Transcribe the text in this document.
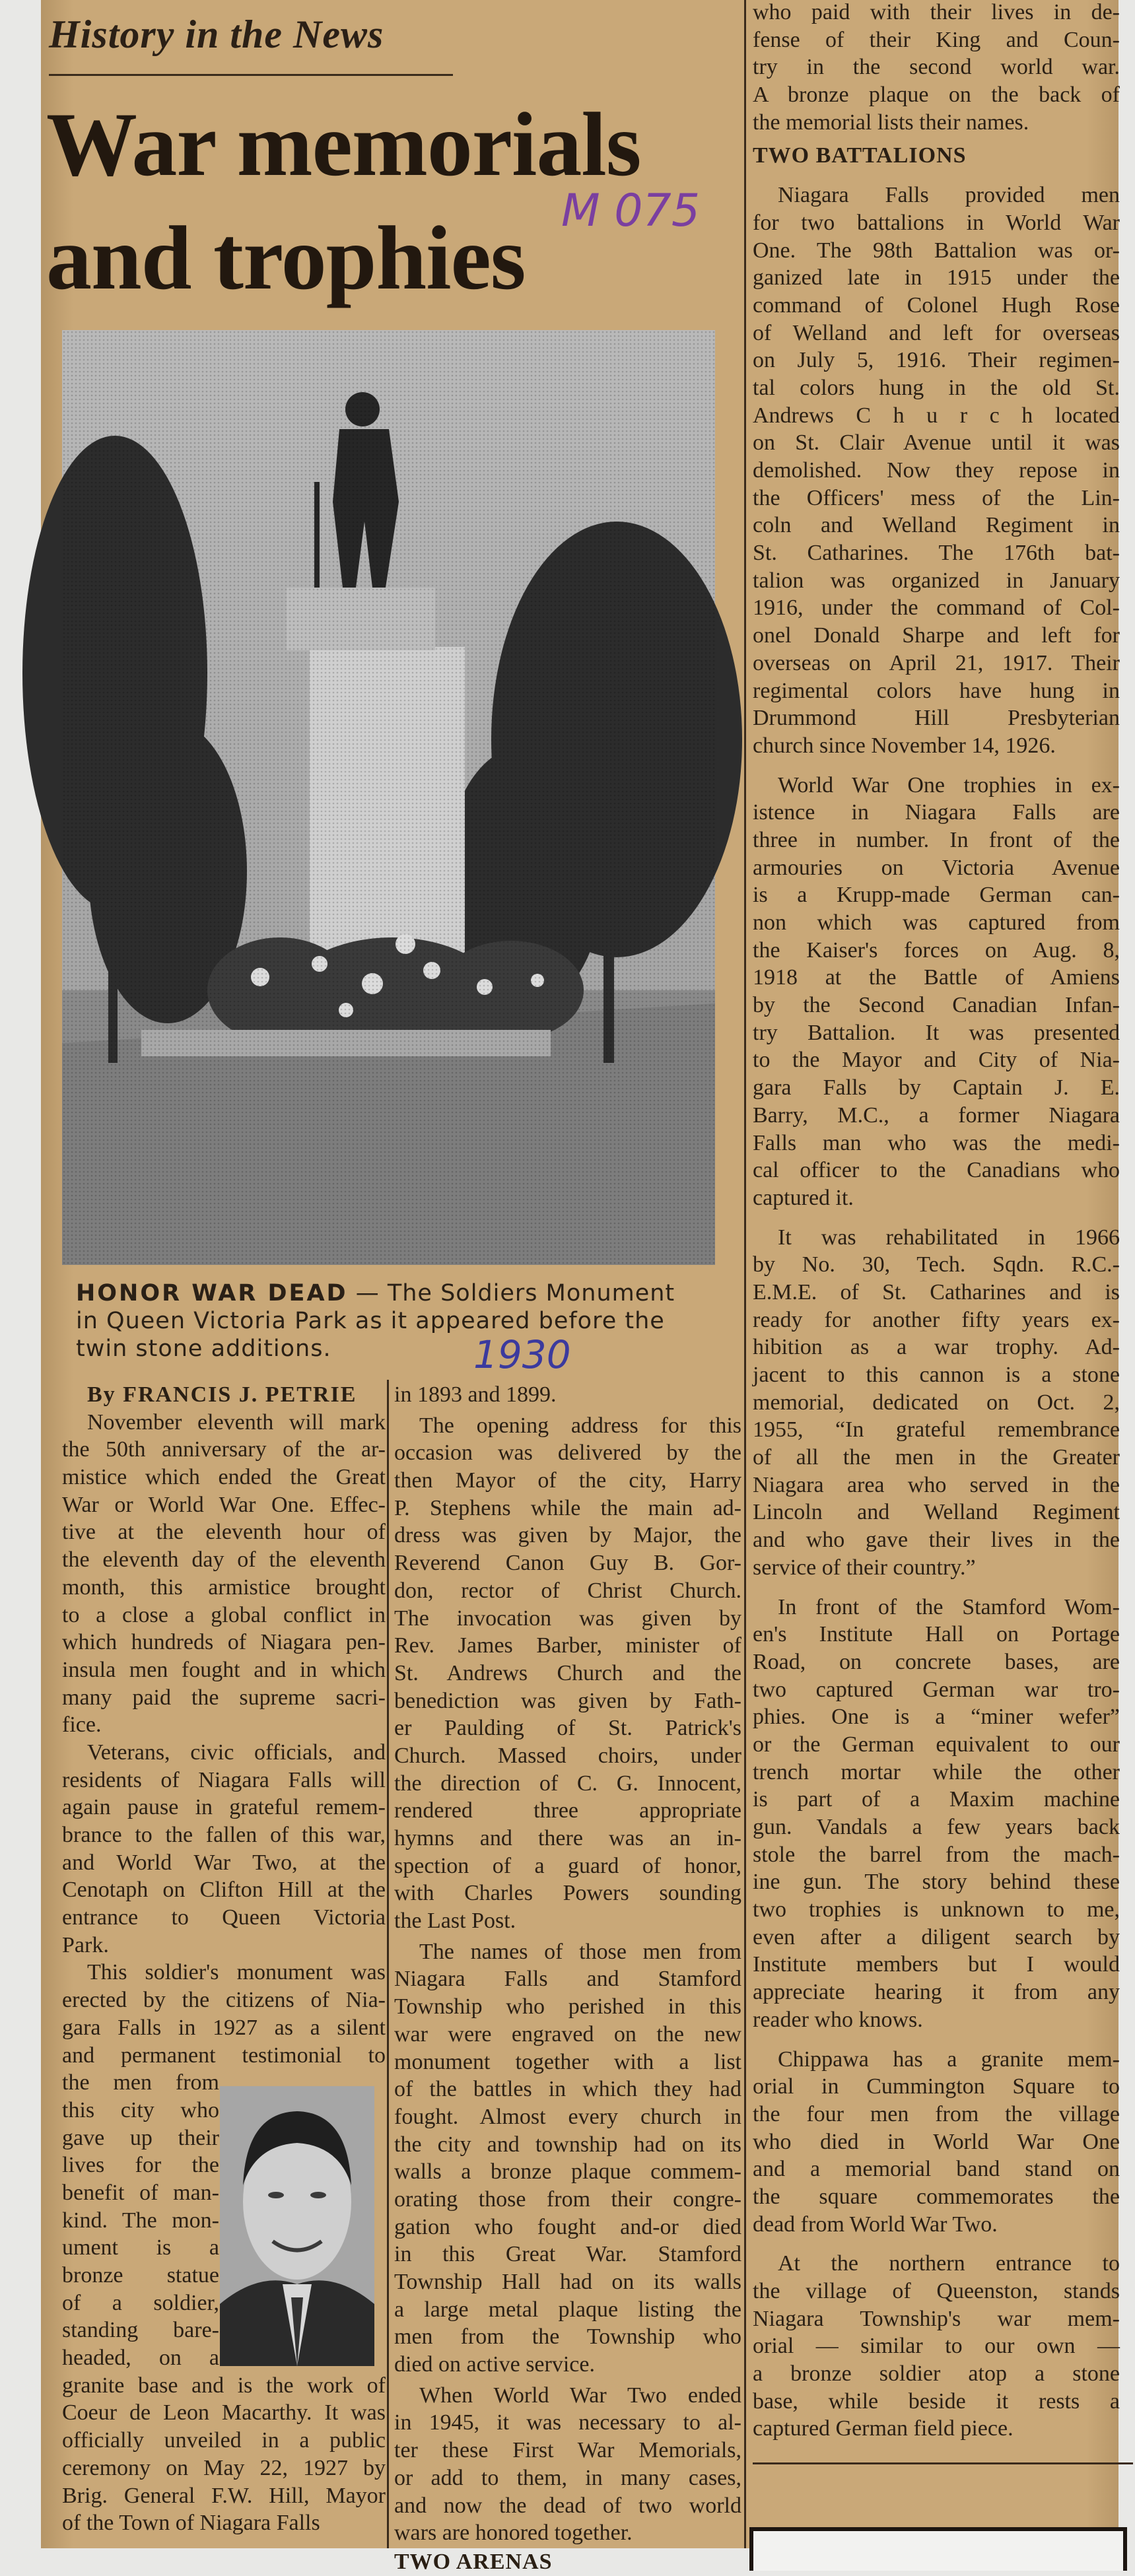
History in the News
War memorials
and trophies M 075
HONOR WAR DEAD — The Soldiers Monument
in Queen Victoria Park as it appeared before the
twin stone additions.	1930
By FRANCIS J. PETRIE
November eleventh will mark
the 50th anniversary of the ar-
mistice which ended the Great
War or World War One. Effec-
tive at the eleventh hour of
the eleventh day of the eleventh
month, this armistice brought
to a close a global conflict in
which hundreds of Niagara pen-
insula men fought and in which
many paid the supreme sacri-
fice.
Veterans, civic officials, and
residents of Niagara Falls will
again pause in grateful remem-
brance to the fallen of this war,
and World War Two, at the
Cenotaph on Clifton Hill at the
entrance to Queen Victoria
Park.
This soldier's monument was
erected by the citizens of Nia-
gara Falls in 1927 as a silent
and permanent testimonial to
the men from
this city who
gave up their
lives for the
benefit of man-
kind. The mon-
ument is a
bronze statue
of a soldier,
standing bare-
headed, on a
granite base and is the work of
Coeur de Leon Macarthy. It was
officially unveiled in a public
ceremony on May 22, 1927 by
Brig. General F.W. Hill, Mayor
of the Town of Niagara Falls
in 1893 and 1899.
The opening address for this
occasion was delivered by the
then Mayor of the city, Harry
P. Stephens while the main ad-
dress was given by Major, the
Reverend Canon Guy B. Gor-
don, rector of Christ Church.
The invocation was given by
Rev. James Barber, minister of
St. Andrews Church and the
benediction was given by Fath-
er Paulding of St. Patrick's
Church. Massed choirs, under
the direction of C. G. Innocent,
rendered three appropriate
hymns and there was an in-
spection of a guard of honor,
with Charles Powers sounding
the Last Post.
The names of those men from
Niagara Falls and Stamford
Township who perished in this
war were engraved on the new
monument together with a list
of the battles in which they had
fought. Almost every church in
the city and township had on its
walls a bronze plaque commem-
orating those from their congre-
gation who fought and-or died
in this Great War. Stamford
Township Hall had on its walls
a large metal plaque listing the
men from the Township who
died on active service.
When World War Two ended
in 1945, it was necessary to al-
ter these First War Memorials,
or add to them, in many cases,
and now the dead of two world
wars are honored together.
TWO ARENAS
who paid with their lives in de-
fense of their King and Coun-
try in the second world war.
A bronze plaque on the back of
the memorial lists their names.
TWO BATTALIONS
Niagara Falls provided men
for two battalions in World War
One. The 98th Battalion was or-
ganized late in 1915 under the
command of Colonel Hugh Rose
of Welland and left for overseas
on July 5, 1916. Their regimen-
tal colors hung in the old St.
Andrews C h u r c h located
on St. Clair Avenue until it was
demolished. Now they repose in
the Officers' mess of the Lin-
coln and Welland Regiment in
St. Catharines. The 176th bat-
talion was organized in January
1916, under the command of Col-
onel Donald Sharpe and left for
overseas on April 21, 1917. Their
regimental colors have hung in
Drummond Hill Presbyterian
church since November 14, 1926.
World War One trophies in ex-
istence in Niagara Falls are
three in number. In front of the
armouries on Victoria Avenue
is a Krupp-made German can-
non which was captured from
the Kaiser's forces on Aug. 8,
1918 at the Battle of Amiens
by the Second Canadian Infan-
try Battalion. It was presented
to the Mayor and City of Nia-
gara Falls by Captain J. E.
Barry, M.C., a former Niagara
Falls man who was the medi-
cal officer to the Canadians who
captured it.
It was rehabilitated in 1966
by No. 30, Tech. Sqdn. R.C.-
E.M.E. of St. Catharines and is
ready for another fifty years ex-
hibition as a war trophy. Ad-
jacent to this cannon is a stone
memorial, dedicated on Oct. 2,
1955, “In grateful remembrance
of all the men in the Greater
Niagara area who served in the
Lincoln and Welland Regiment
and who gave their lives in the
service of their country.”
In front of the Stamford Wom-
en's Institute Hall on Portage
Road, on concrete bases, are
two captured German war tro-
phies. One is a “miner wefer”
or the German equivalent to our
trench mortar while the other
is part of a Maxim machine
gun. Vandals a few years back
stole the barrel from the mach-
ine gun. The story behind these
two trophies is unknown to me,
even after a diligent search by
Institute members but I would
appreciate hearing it from any
reader who knows.
Chippawa has a granite mem-
orial in Cummington Square to
the four men from the village
who died in World War One
and a memorial band stand on
the square commemorates the
dead from World War Two.
At the northern entrance to
the village of Queenston, stands
Niagara Township's war mem-
orial — similar to our own —
a bronze soldier atop a stone
base, while beside it rests a
captured German field piece.
